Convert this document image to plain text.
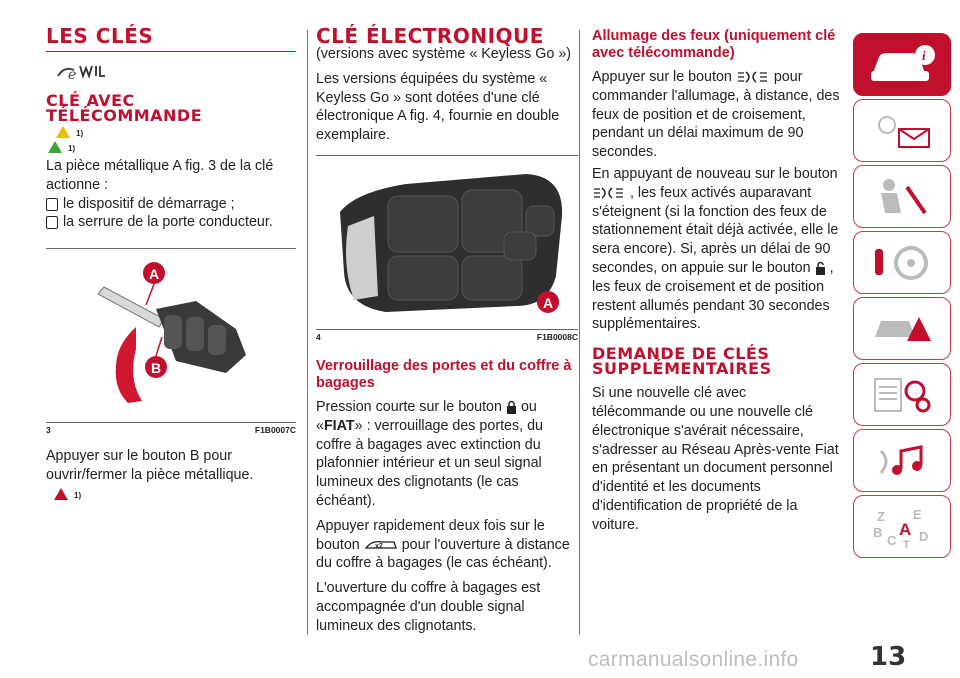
LES CLÉS
e
CLÉ AVEC TÉLÉCOMMANDE
1)
1)
La pièce métallique A fig. 3 de la clé actionne :
le dispositif de démarrage ;
la serrure de la porte conducteur.
A
B
3	F1B0007C
Appuyer sur le bouton B pour ouvrir/fermer la pièce métallique.
1)
CLÉ ÉLECTRONIQUE
(versions avec système « Keyless Go »)
Les versions équipées du système « Keyless Go » sont dotées d'une clé électronique A fig. 4, fournie en double exemplaire.
A
4	F1B0008C
Verrouillage des portes et du coffre à bagages
Pression courte sur le bouton ou «FIAT» : verrouillage des portes, du coffre à bagages avec extinction du plafonnier intérieur et un seul signal lumineux des clignotants (le cas échéant).
Appuyer rapidement deux fois sur le bouton x2 pour l'ouverture à distance du coffre à bagages (le cas échéant).
L'ouverture du coffre à bagages est accompagnée d'un double signal lumineux des clignotants.
Allumage des feux (uniquement clé avec télécommande)
Appuyer sur le bouton	pour commander l'allumage, à distance, des feux de position et de croisement, pendant un délai maximum de 90 secondes.
En appuyant de nouveau sur le bouton  , les feux activés auparavant s'éteignent (si la fonction des feux de stationnement était déjà activée, elle le sera encore). Si, après un délai de 90 secondes, on appuie sur le bouton , les feux de croisement et de position restent allumés pendant 30 secondes supplémentaires.
DEMANDE DE CLÉS SUPPLÉMENTAIRES
Si une nouvelle clé avec télécommande ou une nouvelle clé électronique s'avérait nécessaire, s'adresser au Réseau Après-vente Fiat en présentant un document personnel d'identité et les documents d'identification de propriété de la voiture.
i
Z E
B A
C D
T
13
carmanualsonline.info
